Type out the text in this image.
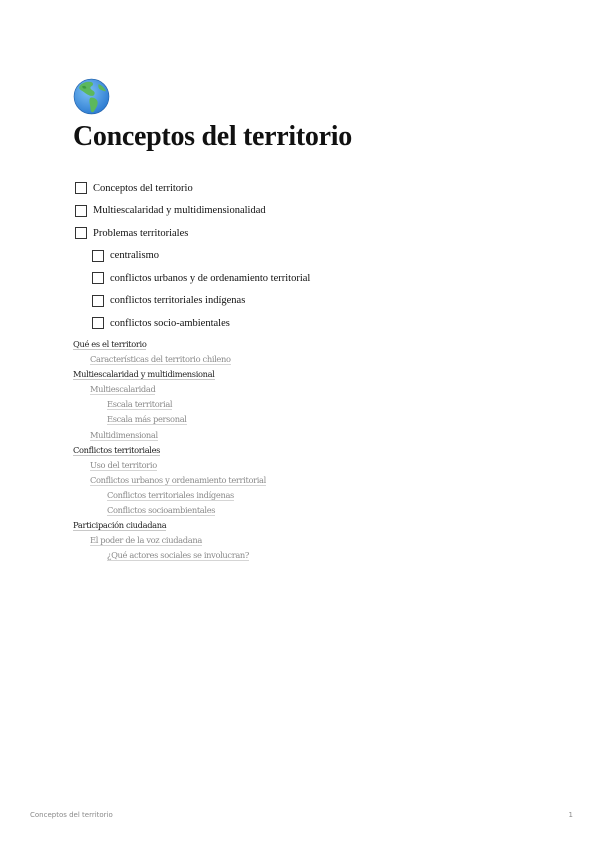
Conceptos del territorio
Conceptos del territorio
Multiescalaridad y multidimensionalidad
Problemas territoriales
centralismo
conflictos urbanos y de ordenamiento territorial
conflictos territoriales indígenas
conflictos socio-ambientales
Qué es el territorio
Características del territorio chileno
Multiescalaridad y multidimensional
Multiescalaridad
Escala territorial
Escala más personal
Multidimensional
Conflictos territoriales
Uso del territorio
Conflictos urbanos y ordenamiento territorial
Conflictos territoriales indígenas
Conflictos socioambientales
Participación ciudadana
El poder de la voz ciudadana
¿Qué actores sociales se involucran?
Conceptos del territorio	1
